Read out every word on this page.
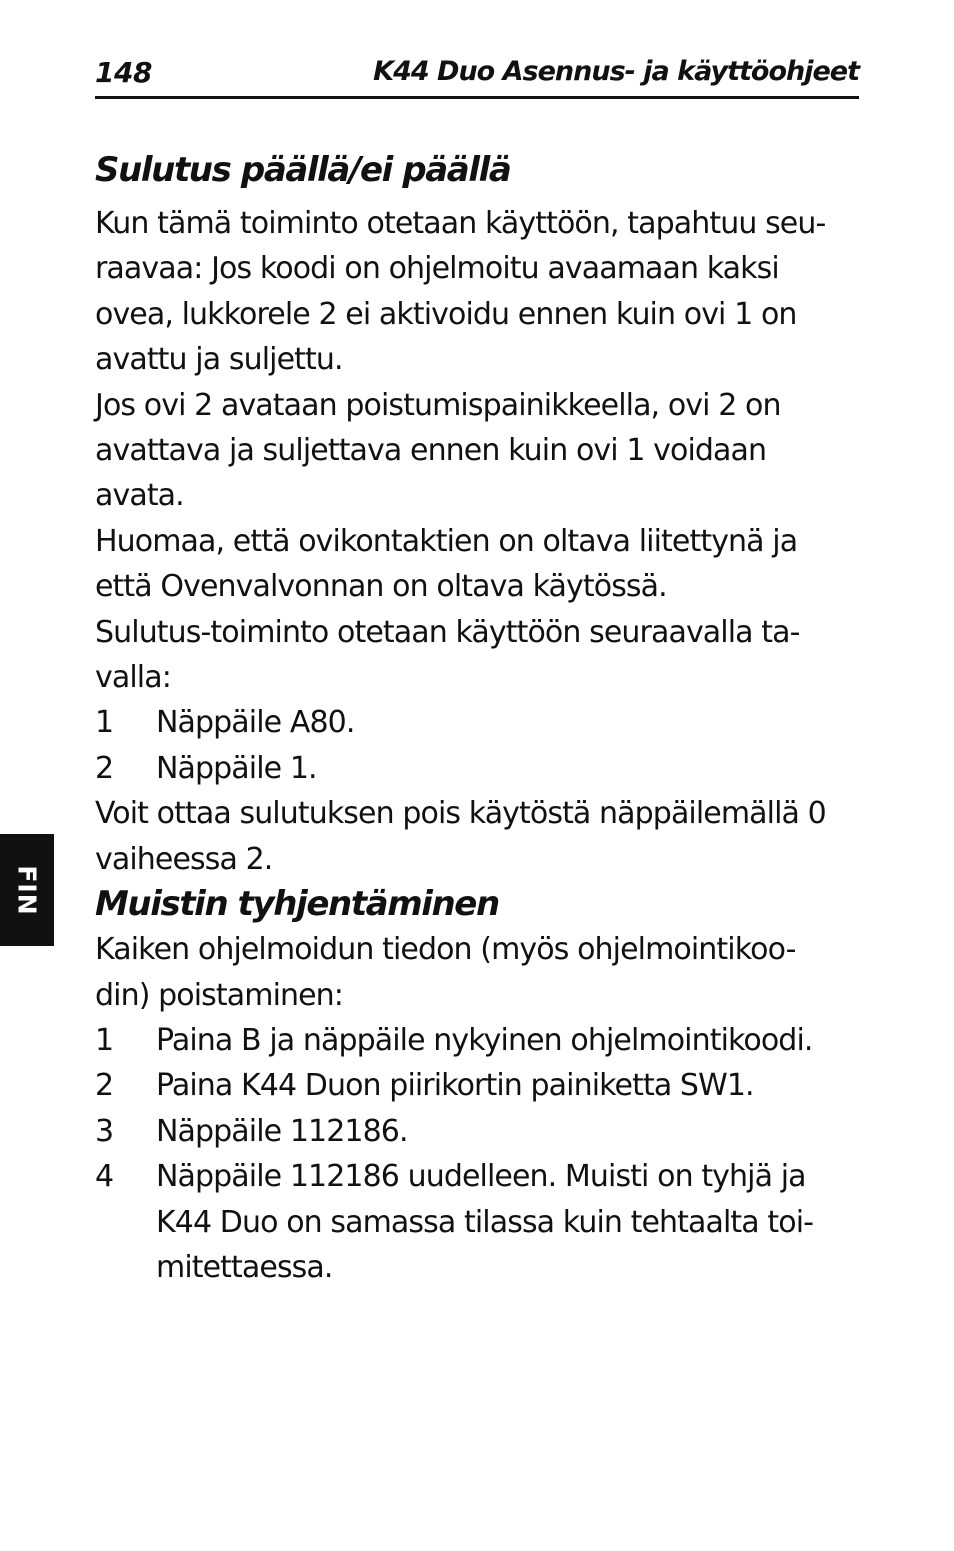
148	K44 Duo Asennus- ja käyttöohjeet
FIN
Sulutus päällä/ei päällä

Kun tämä toiminto otetaan käyttöön, tapahtuu seu-
raavaa: Jos koodi on ohjelmoitu avaamaan kaksi
ovea, lukkorele 2 ei aktivoidu ennen kuin ovi 1 on
avattu ja suljettu.

Jos ovi 2 avataan poistumispainikkeella, ovi 2 on
avattava ja suljettava ennen kuin ovi 1 voidaan
avata.

Huomaa, että ovikontaktien on oltava liitettynä ja
että Ovenvalvonnan on oltava käytössä.

Sulutus-toiminto otetaan käyttöön seuraavalla ta-
valla:

1	Näppäile A80.
2	Näppäile 1.

Voit ottaa sulutuksen pois käytöstä näppäilemällä 0
vaiheessa 2.

Muistin tyhjentäminen

Kaiken ohjelmoidun tiedon (myös ohjelmointikoo-
din) poistaminen:

1	Paina B ja näppäile nykyinen ohjelmointikoodi.
2	Paina K44 Duon piirikortin painiketta SW1.
3	Näppäile 112186.
4	Näppäile 112186 uudelleen. Muisti on tyhjä ja
K44 Duo on samassa tilassa kuin tehtaalta toi-
mitettaessa.
